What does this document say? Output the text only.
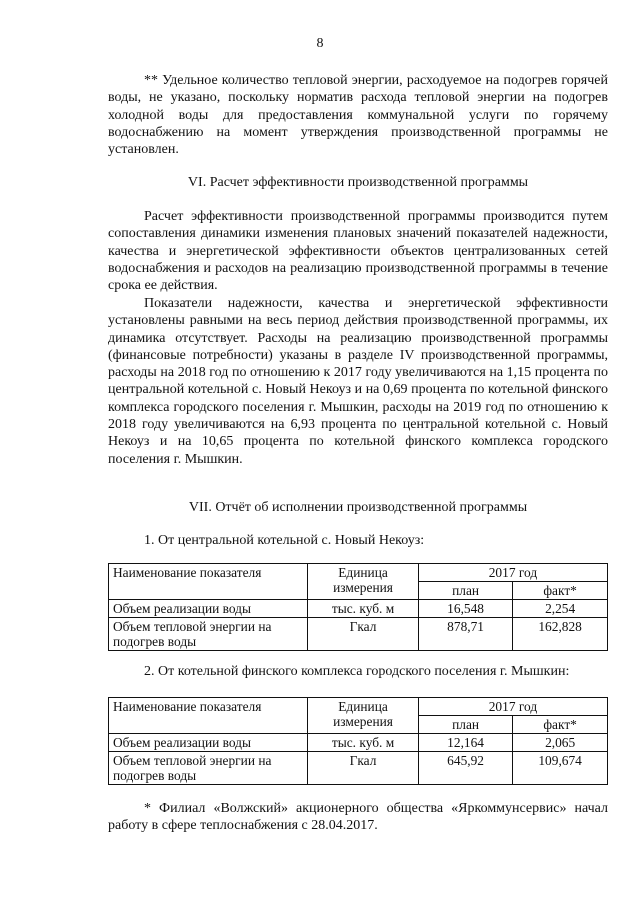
8

** Удельное количество тепловой энергии, расходуемое на подогрев горячей воды, не указано, поскольку норматив расхода тепловой энергии на подогрев холодной воды для предоставления коммунальной услуги по горячему водоснабжению на момент утверждения производственной программы не установлен.

VI. Расчет эффективности производственной программы

Расчет эффективности производственной программы производится путем сопоставления динамики изменения плановых значений показателей надежности, качества и энергетической эффективности объектов централизованных сетей водоснабжения и расходов на реализацию производственной программы в течение срока ее действия.

Показатели надежности, качества и энергетической эффективности установлены равными на весь период действия производственной программы, их динамика отсутствует. Расходы на реализацию производственной программы (финансовые потребности) указаны в разделе IV производственной программы, расходы на 2018 год по отношению к 2017 году увеличиваются на 1,15 процента по центральной котельной с. Новый Некоуз и на 0,69 процента по котельной финского комплекса городского поселения г. Мышкин, расходы на 2019 год по отношению к 2018 году увеличиваются на 6,93 процента по центральной котельной с. Новый Некоуз и на 10,65 процента по котельной финского комплекса городского поселения г. Мышкин.

VII. Отчёт об исполнении производственной программы

1. От центральной котельной с. Новый Некоуз:

Наименование показателя	Единица измерения	2017 год	
		план	факт*
Объем реализации воды	тыс. куб. м	16,548	2,254
Объем тепловой энергии на подогрев воды	Гкал	878,71	162,828

2. От котельной финского комплекса городского поселения г. Мышкин:

Наименование показателя	Единица измерения	2017 год	
		план	факт*
Объем реализации воды	тыс. куб. м	12,164	2,065
Объем тепловой энергии на подогрев воды	Гкал	645,92	109,674

* Филиал «Волжский» акционерного общества «Яркоммунсервис» начал работу в сфере теплоснабжения с 28.04.2017.
